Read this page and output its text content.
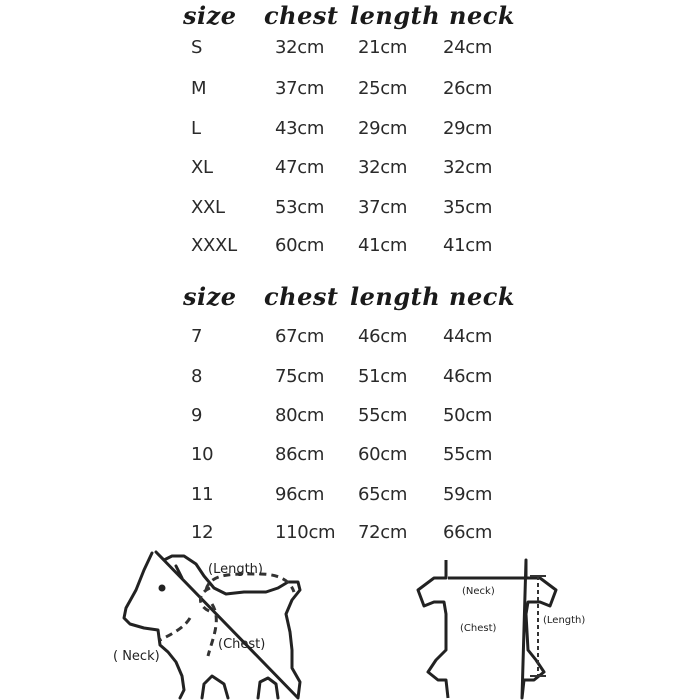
size chest length neck
S	32cm 21cm 24cm
M	37cm 25cm 26cm
L	43cm 29cm 29cm
XL	47cm 32cm 32cm
XXL	53cm 37cm 35cm
XXXL 60cm 41cm 41cm
size chest length neck
7	67cm 46cm 44cm
8	75cm 51cm 46cm
9	80cm 55cm 50cm
10	86cm 60cm 55cm
11	96cm 65cm 59cm
12	110cm 72cm 66cm
(Length)
(Chest)
( Neck)
(Neck)
(Chest)
(Length)
